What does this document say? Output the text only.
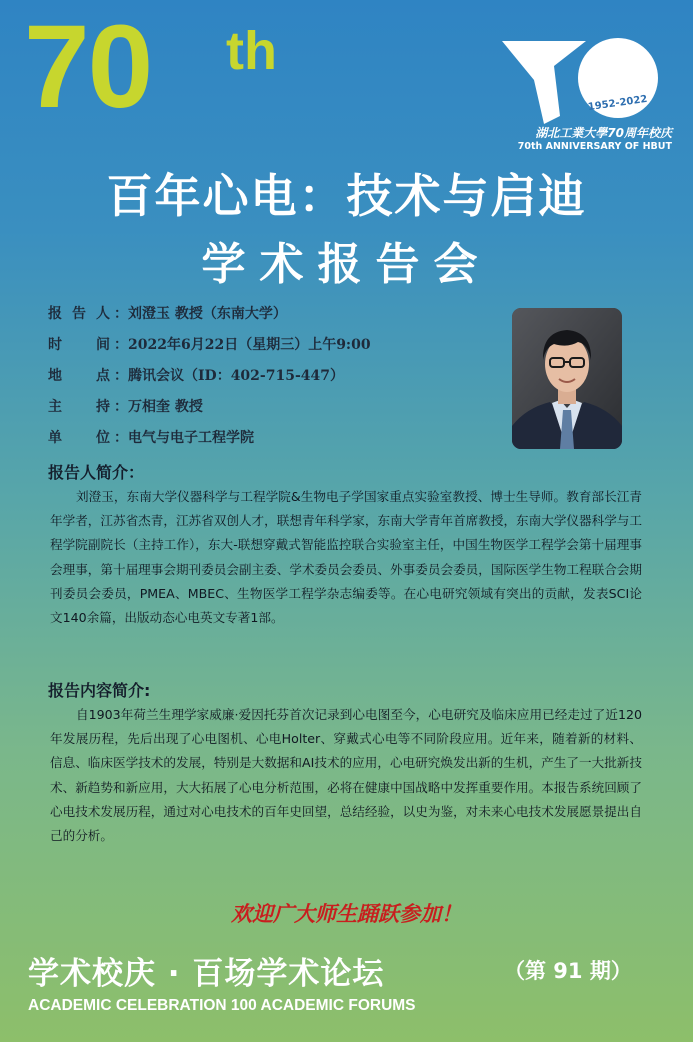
70 th
1952-2022
湖北工業大學70周年校庆
70th ANNIVERSARY OF HBUT
百年心电：技术与启迪
学术报告会
报告人 ：刘澄玉 教授（东南大学）
时间 ：2022年6月22日（星期三）上午9:00
地点 ：腾讯会议（ID：402-715-447）
主持 ：万相奎 教授
单位 ：电气与电子工程学院
报告人简介：
刘澄玉，东南大学仪器科学与工程学院&生物电子学国家重点实验室教授、博士生导师。教育部长江青年学者，江苏省杰青，江苏省双创人才，联想青年科学家，东南大学青年首席教授，东南大学仪器科学与工程学院副院长（主持工作），东大-联想穿戴式智能监控联合实验室主任，中国生物医学工程学会第十届理事会理事，第十届理事会期刊委员会副主委、学术委员会委员、外事委员会委员，国际医学生物工程联合会期刊委员会委员，PMEA、MBEC、生物医学工程学杂志编委等。在心电研究领域有突出的贡献，发表SCI论文140余篇，出版动态心电英文专著1部。
报告内容简介:
自1903年荷兰生理学家威廉·爱因托芬首次记录到心电图至今，心电研究及临床应用已经走过了近120年发展历程，先后出现了心电图机、心电Holter、穿戴式心电等不同阶段应用。近年来，随着新的材料、信息、临床医学技术的发展，特别是大数据和AI技术的应用，心电研究焕发出新的生机，产生了一大批新技术、新趋势和新应用，大大拓展了心电分析范围，必将在健康中国战略中发挥重要作用。本报告系统回顾了心电技术发展历程，通过对心电技术的百年史回望，总结经验，以史为鉴，对未来心电技术发展愿景提出自己的分析。
欢迎广大师生踊跃参加！
学术校庆 · 百场学术论坛	（第 91 期）
ACADEMIC CELEBRATION 100 ACADEMIC FORUMS
